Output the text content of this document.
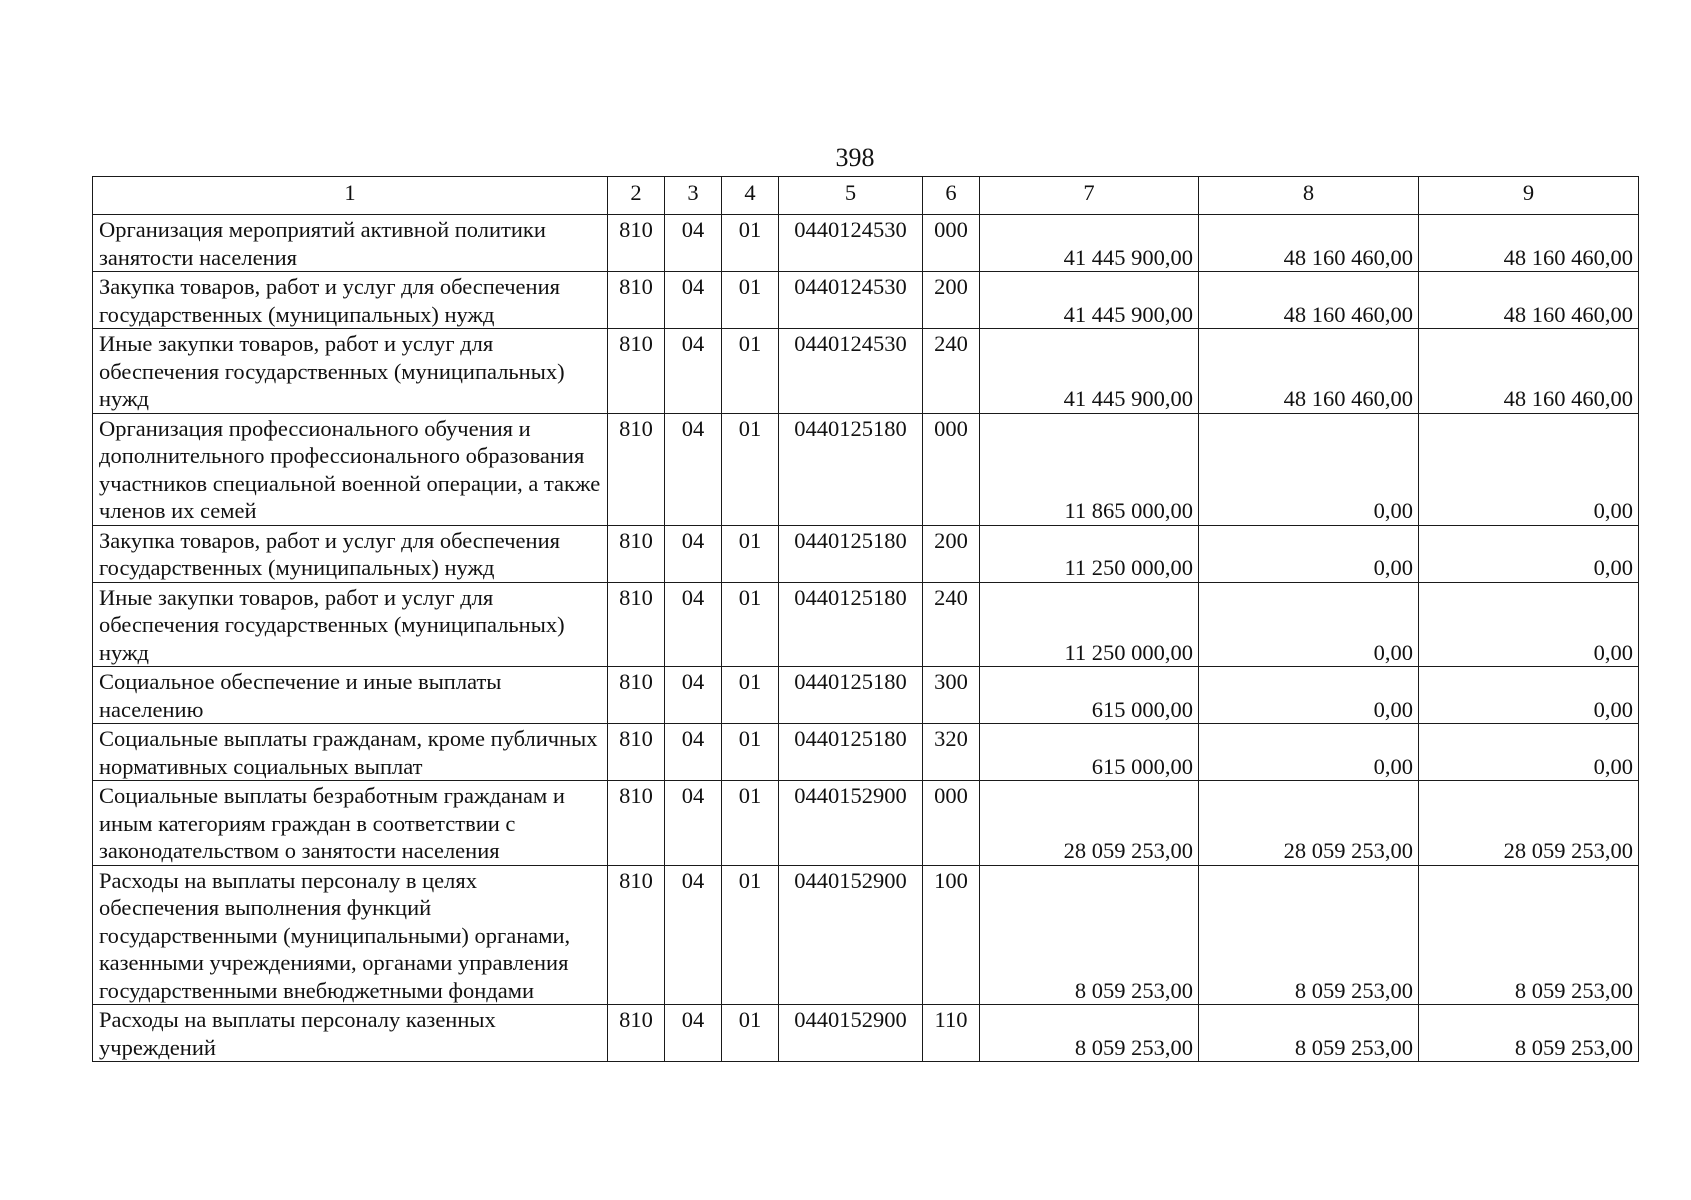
398
1	2	3	4	5	6	7	8	9
Организация мероприятий активной политики занятости населения	810	04	01	0440124530	000	41 445 900,00	48 160 460,00	48 160 460,00
Закупка товаров, работ и услуг для обеспечения государственных (муниципальных) нужд	810	04	01	0440124530	200	41 445 900,00	48 160 460,00	48 160 460,00
Иные закупки товаров, работ и услуг для обеспечения государственных (муниципальных) нужд	810	04	01	0440124530	240	41 445 900,00	48 160 460,00	48 160 460,00
Организация профессионального обучения и дополнительного профессионального образования участников специальной военной операции, а также членов их семей	810	04	01	0440125180	000	11 865 000,00	0,00	0,00
Закупка товаров, работ и услуг для обеспечения государственных (муниципальных) нужд	810	04	01	0440125180	200	11 250 000,00	0,00	0,00
Иные закупки товаров, работ и услуг для обеспечения государственных (муниципальных) нужд	810	04	01	0440125180	240	11 250 000,00	0,00	0,00
Социальное обеспечение и иные выплаты населению	810	04	01	0440125180	300	615 000,00	0,00	0,00
Социальные выплаты гражданам, кроме публичных нормативных социальных выплат	810	04	01	0440125180	320	615 000,00	0,00	0,00
Социальные выплаты безработным гражданам и иным категориям граждан в соответствии с законодательством о занятости населения	810	04	01	0440152900	000	28 059 253,00	28 059 253,00	28 059 253,00
Расходы на выплаты персоналу в целях обеспечения выполнения функций государственными (муниципальными) органами, казенными учреждениями, органами управления государственными внебюджетными фондами	810	04	01	0440152900	100	8 059 253,00	8 059 253,00	8 059 253,00
Расходы на выплаты персоналу казенных учреждений	810	04	01	0440152900	110	8 059 253,00	8 059 253,00	8 059 253,00
